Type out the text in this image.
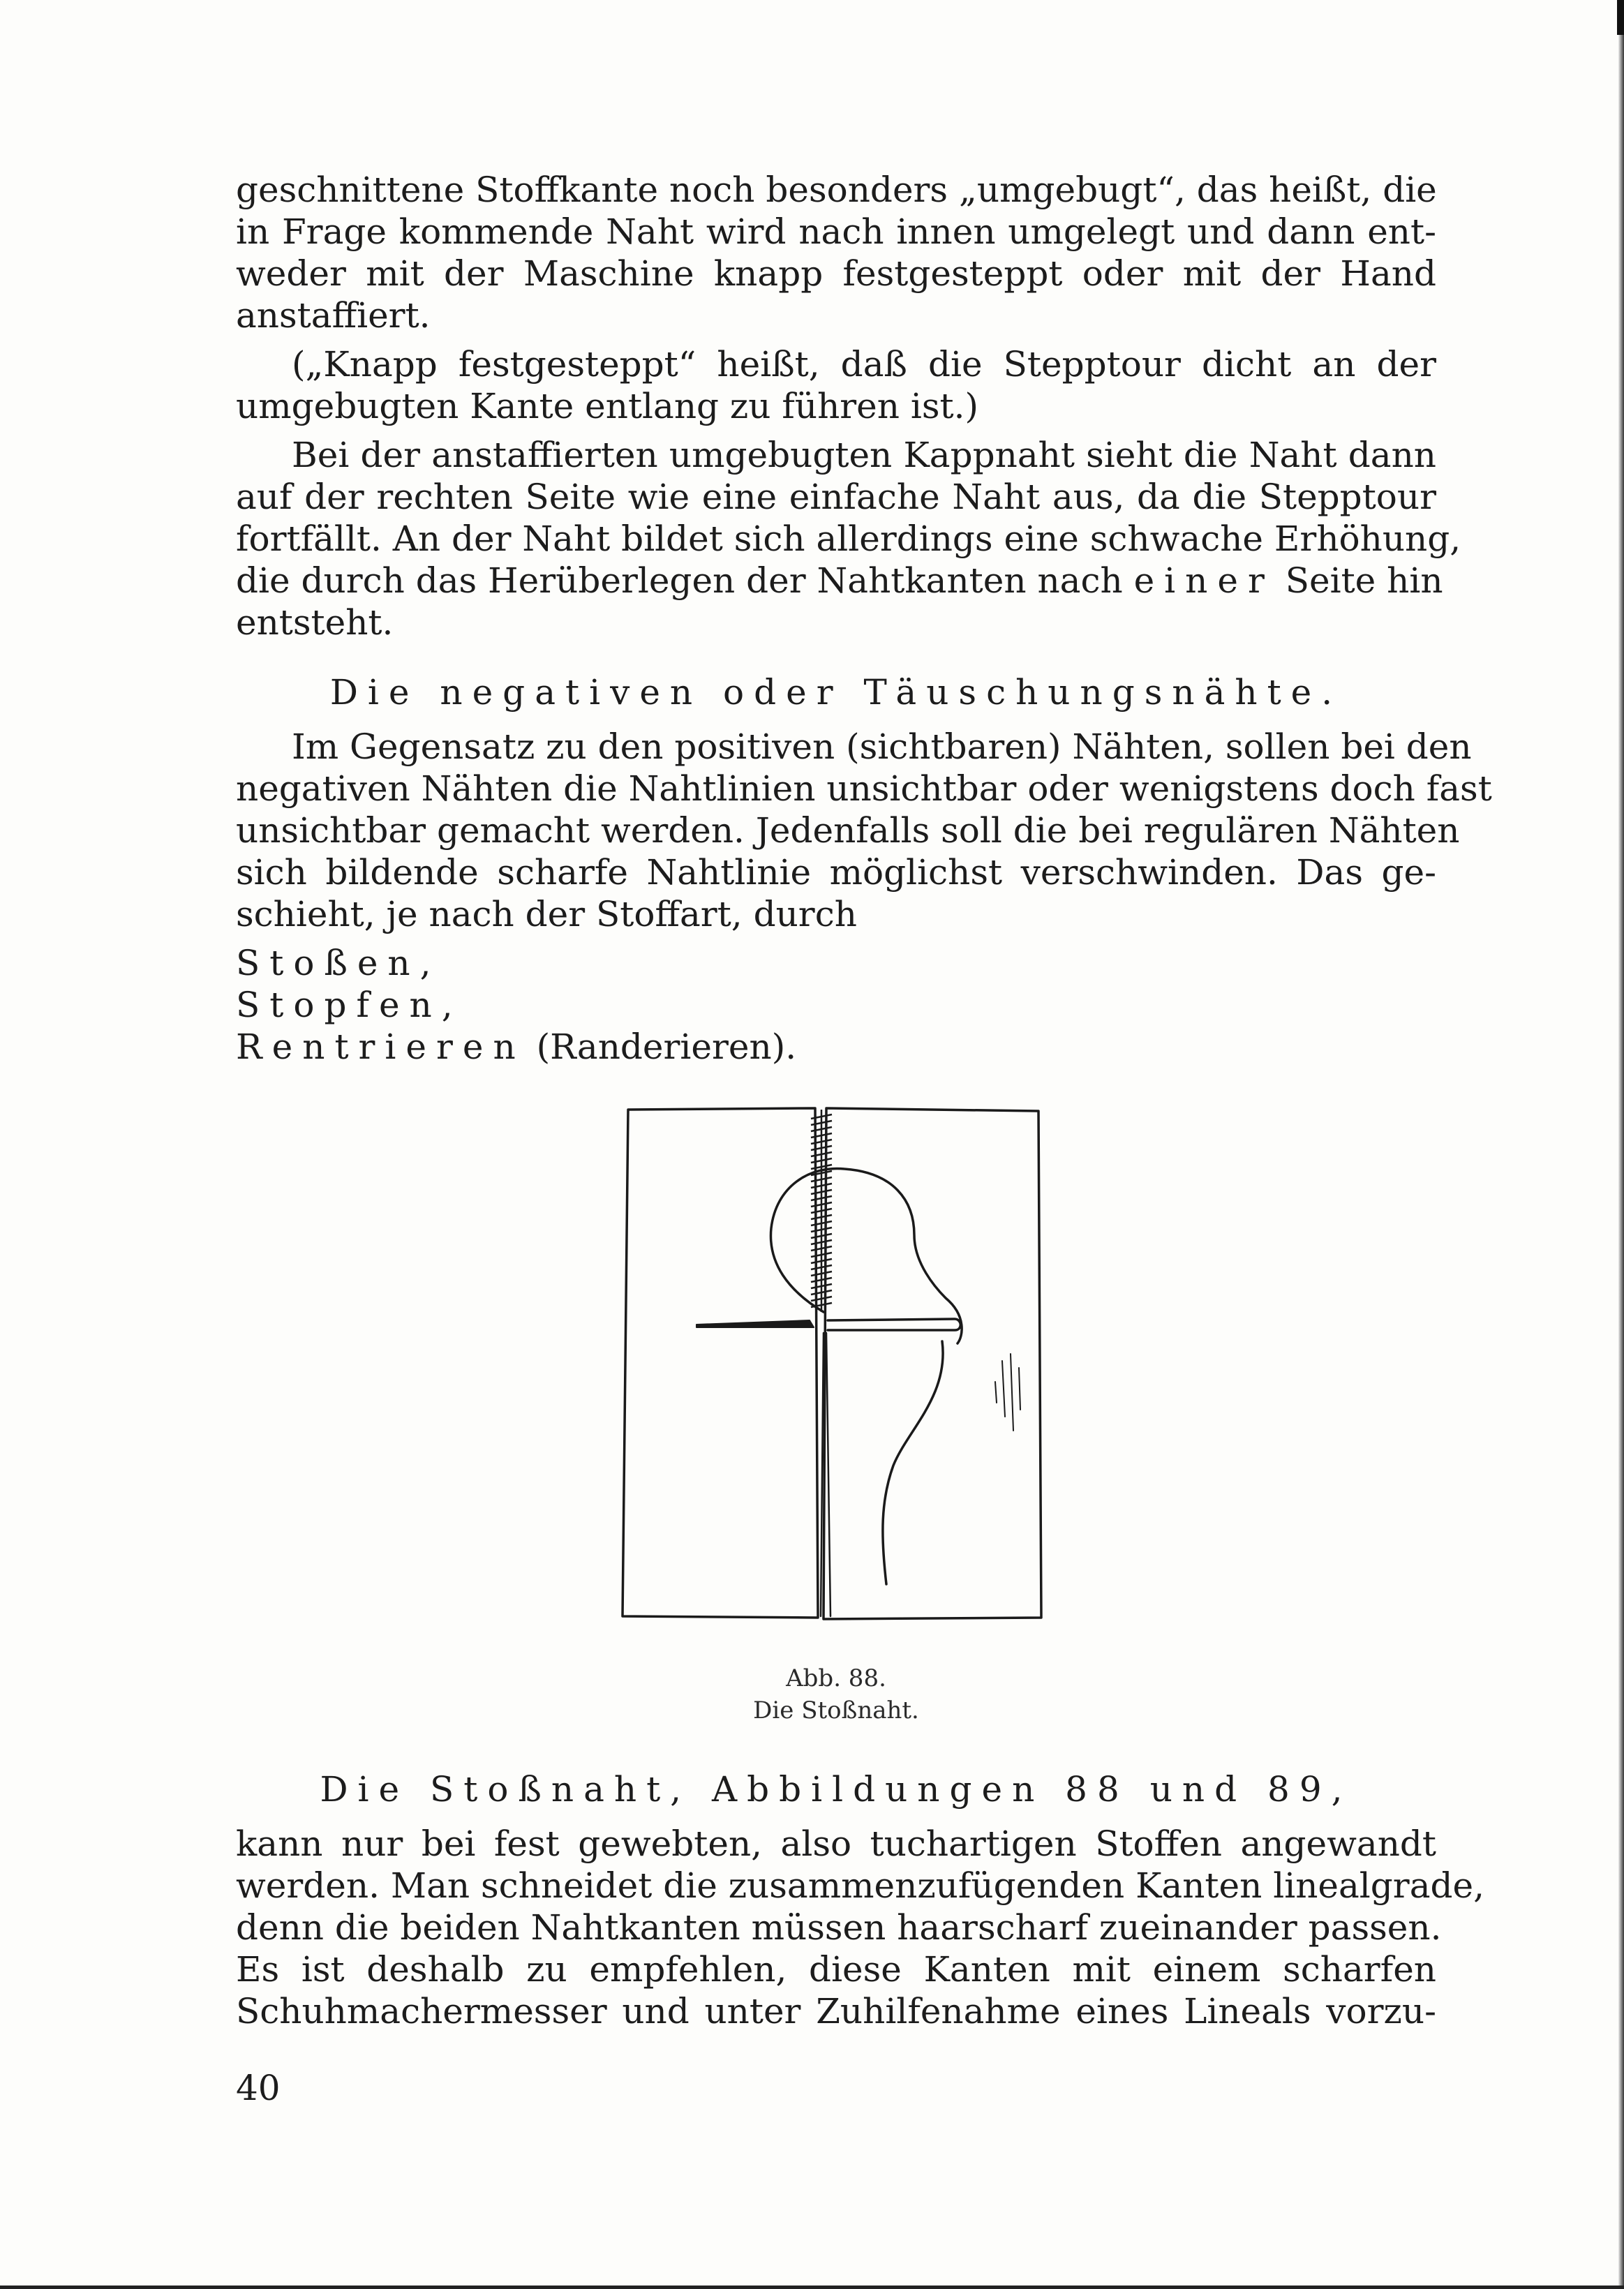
geschnittene Stoffkante noch besonders „umgebugt“, das heißt, die
in Frage kommende Naht wird nach innen umgelegt und dann ent-
weder mit der Maschine knapp festgesteppt oder mit der Hand
anstaffiert.
(„Knapp festgesteppt“ heißt, daß die Stepptour dicht an der
umgebugten Kante entlang zu führen ist.)
Bei der anstaffierten umgebugten Kappnaht sieht die Naht dann
auf der rechten Seite wie eine einfache Naht aus, da die Stepptour
fortfällt. An der Naht bildet sich allerdings eine schwache Erhöhung,
die durch das Herüberlegen der Nahtkanten nach einer Seite hin
entsteht.
Die negativen oder Täuschungsnähte.
Im Gegensatz zu den positiven (sichtbaren) Nähten, sollen bei den
negativen Nähten die Nahtlinien unsichtbar oder wenigstens doch fast
unsichtbar gemacht werden. Jedenfalls soll die bei regulären Nähten
sich bildende scharfe Nahtlinie möglichst verschwinden. Das ge-
schieht, je nach der Stoffart, durch
Stoßen,
Stopfen,
Rentrieren (Randerieren).
Abb. 88.
Die Stoßnaht.
Die Stoßnaht, Abbildungen 88 und 89,
kann nur bei fest gewebten, also tuchartigen Stoffen angewandt
werden. Man schneidet die zusammenzufügenden Kanten linealgrade,
denn die beiden Nahtkanten müssen haarscharf zueinander passen.
Es ist deshalb zu empfehlen, diese Kanten mit einem scharfen
Schuhmachermesser und unter Zuhilfenahme eines Lineals vorzu-
40
